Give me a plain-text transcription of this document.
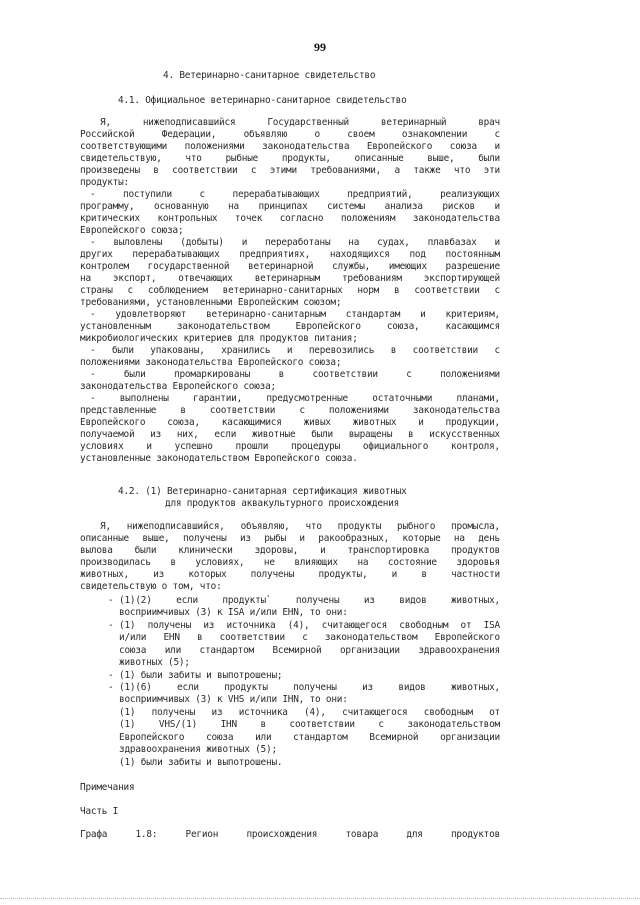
99
4. Ветеринарно-санитарное свидетельство
4.1. Официальное ветеринарно-санитарное свидетельство
Я, нижеподписавшийся Государственный ветеринарный врач
Российской Федерации, объявляю о своем ознакомлении с
соответствующими положениями законодательства Европейского союза и
свидетельствую, что рыбные продукты, описанные выше, были
произведены в соответствии с этими требованиями, а также что эти
продукты:
- поступили с перерабатывающих предприятий, реализующих
программу, основанную на принципах системы анализа рисков и
критических контрольных точек согласно положениям законодательства
Европейского союза;
- выловлены (добыты) и переработаны на судах, плавбазах и
других перерабатывающих предприятиях, находящихся под постоянным
контролем государственной ветеринарной службы, имеющих разрешение
на экспорт, отвечающих ветеринарным требованиям экспортирующей
страны с соблюдением ветеринарно-санитарных норм в соответствии с
требованиями, установленными Европейским союзом;
- удовлетворяют ветеринарно-санитарным стандартам и критериям,
установленным законодательством Европейского союза, касающимся
микробиологических критериев для продуктов питания;
- были упакованы, хранились и перевозились в соответствии с
положениями законодательства Европейского союза;
- были промаркированы в соответствии с положениями
законодательства Европейского союза;
- выполнены гарантии, предусмотренные остаточными планами,
представленные в соответствии с положениями законодательства
Европейского союза, касающимися живых животных и продукции,
получаемой из них, если животные были выращены в искусственных
условиях и успешно прошли процедуры официального контроля,
установленные законодательством Европейского союза.
4.2. (1) Ветеринарно-санитарная сертификация животных
для продуктов аквакультурного происхождения
Я, нижеподписавшийся, объявляю, что продукты рыбного промысла,
описанные выше, получены из рыбы и ракообразных, которые на день
вылова были клинически здоровы, и транспортировка продуктов
производилась в условиях, не влияющих на состояние здоровья
животных, из которых получены продукты, и в частности
свидетельствую о том, что:
- (1)(2) если продукты` получены из видов животных,
восприимчивых (3) к ISA и/или EHN, то они:
- (1) получены из источника (4), считающегося свободным от ISA
и/или EHN в соответствии с законодательством Европейского
союза или стандартом Всемирной организации здравоохранения
животных (5);
- (1) были забиты и выпотрошены;
- (1)(6) если продукты получены из видов животных,
восприимчивых (3) к VHS и/или IHN, то они:
(1) получены из источника (4), считающегося свободным от
(1) VHS/(1) IHN в соответствии с законодательством
Европейского союза или стандартом Всемирной организации
здравоохранения животных (5);
(1) были забиты и выпотрошены.
Примечания
Часть I
Графа 1.8: Регион происхождения товара для продуктов
